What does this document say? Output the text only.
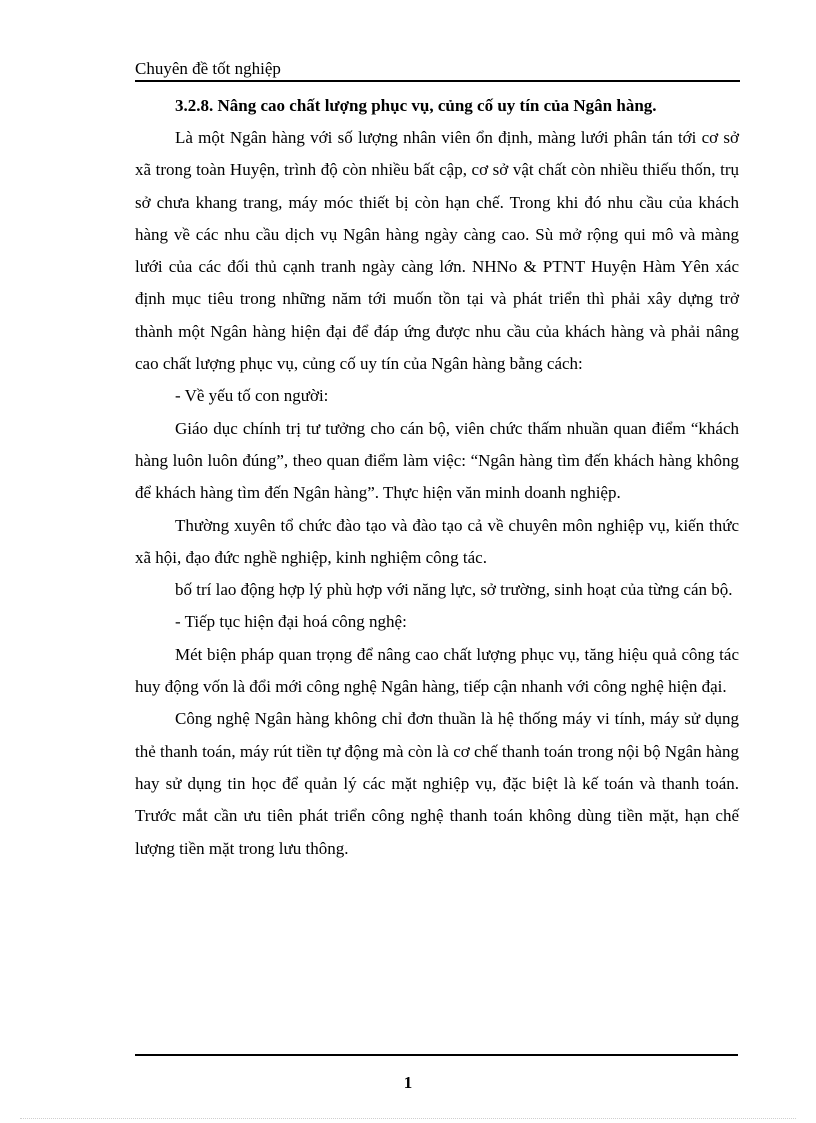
Chuyên đề tốt nghiệp

3.2.8. Nâng cao chất lượng phục vụ, củng cố uy tín của Ngân hàng.

Là một Ngân hàng với số lượng nhân viên ổn định, màng lưới phân tán tới cơ sở xã trong toàn Huyện, trình độ còn nhiều bất cập, cơ sở vật chất còn nhiều thiếu thốn, trụ sở chưa khang trang, máy móc thiết bị còn hạn chế. Trong khi đó nhu cầu của khách hàng về các nhu cầu dịch vụ Ngân hàng ngày càng cao. Sù mở rộng qui mô và màng lưới của các đối thủ cạnh tranh ngày càng lớn. NHNo & PTNT Huyện Hàm Yên xác định mục tiêu trong những năm tới muốn tồn tại và phát triển thì phải xây dựng trở thành một Ngân hàng hiện đại để đáp ứng được nhu cầu của khách hàng và phải nâng cao chất lượng phục vụ, củng cố uy tín của Ngân hàng bằng cách:

- Về yếu tố con người:

Giáo dục chính trị tư tưởng cho cán bộ, viên chức thấm nhuần quan điểm “khách hàng luôn luôn đúng”, theo quan điểm làm việc: “Ngân hàng tìm đến khách hàng không để khách hàng tìm đến Ngân hàng”. Thực hiện văn minh doanh nghiệp.

Thường xuyên tổ chức đào tạo và đào tạo cả về chuyên môn nghiệp vụ, kiến thức xã hội, đạo đức nghề nghiệp, kinh nghiệm công tác.

bố trí lao động hợp lý phù hợp với năng lực, sở trường, sinh hoạt của từng cán bộ.

- Tiếp tục hiện đại hoá công nghệ:

Mét biện pháp quan trọng để nâng cao chất lượng phục vụ, tăng hiệu quả công tác huy động vốn là đổi mới công nghệ Ngân hàng, tiếp cận nhanh với công nghệ hiện đại.

Công nghệ Ngân hàng không chỉ đơn thuần là hệ thống máy vi tính, máy sử dụng thẻ thanh toán, máy rút tiền tự động mà còn là cơ chế thanh toán trong nội bộ Ngân hàng hay sử dụng tin học để quản lý các mặt nghiệp vụ, đặc biệt là kế toán và thanh toán. Trước mắt cần ưu tiên phát triển công nghệ thanh toán không dùng tiền mặt, hạn chế lượng tiền mặt trong lưu thông.

1
